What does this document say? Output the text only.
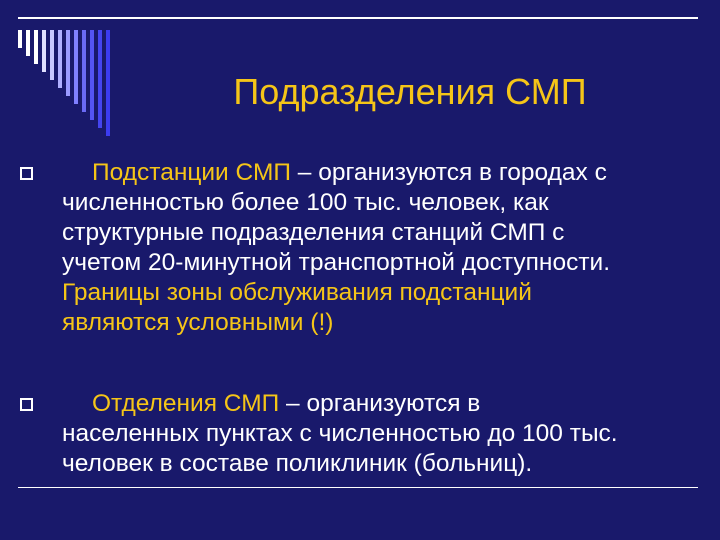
Подразделения СМП
Подстанции СМП – организуются в городах с
численностью более 100 тыс. человек, как
структурные подразделения станций СМП с
учетом 20-минутной транспортной доступности.
Границы зоны обслуживания подстанций
являются условными (!)
Отделения СМП – организуются в
населенных пунктах с численностью до 100 тыс.
человек в составе поликлиник (больниц).
